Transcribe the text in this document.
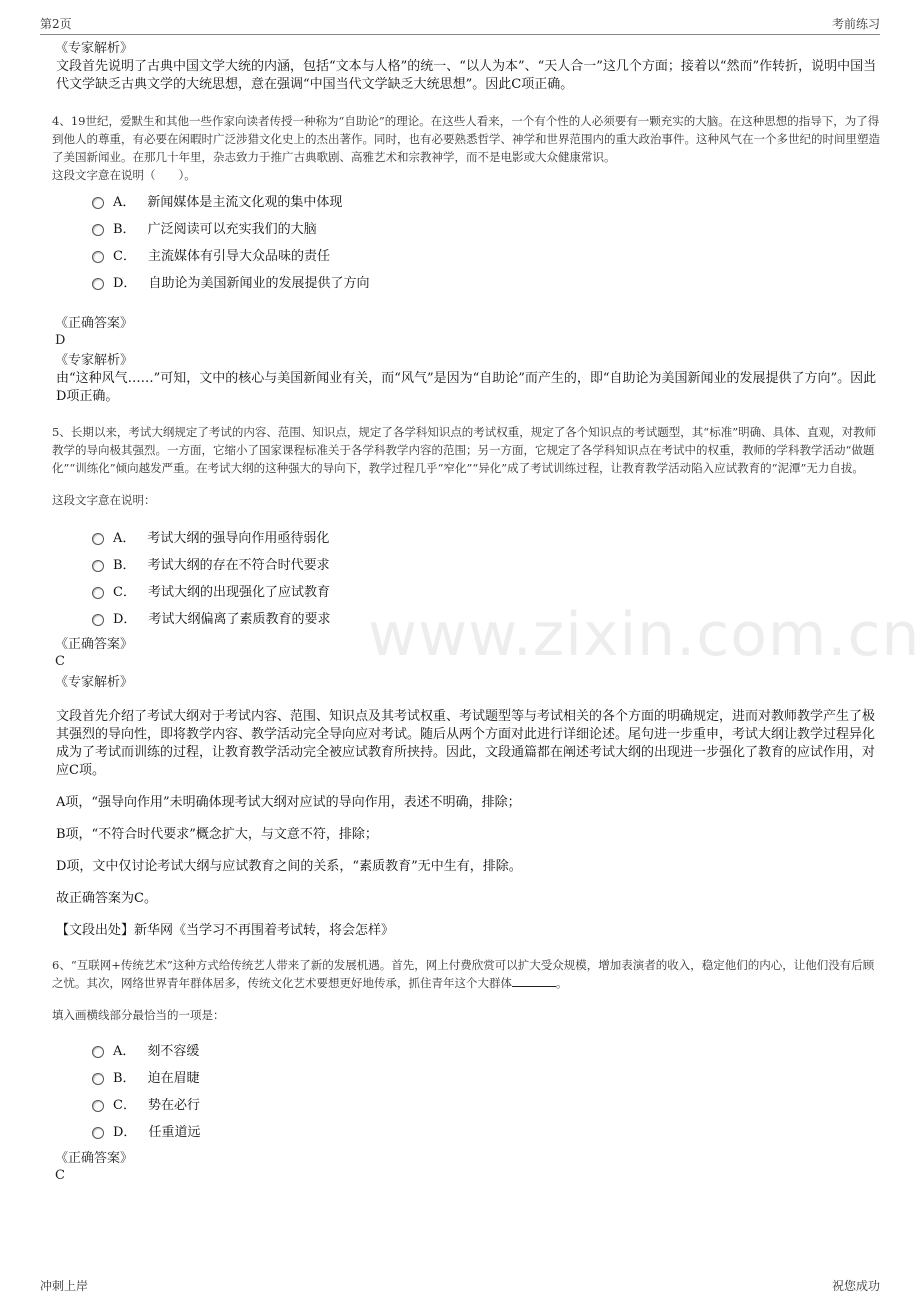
第2页	考前练习
www.zixin.com.cn

《专家解析》

文段首先说明了古典中国文学大统的内涵，包括“文本与人格”的统一、“以人为本”、“天人合一”这几个方面；接着以“然而”作转折，说明中国当代文学缺乏古典文学的大统思想，意在强调“中国当代文学缺乏大统思想”。因此C项正确。

4、19世纪，爱默生和其他一些作家向读者传授一种称为“自助论”的理论。在这些人看来，一个有个性的人必须要有一颗充实的大脑。在这种思想的指导下，为了得到他人的尊重，有必要在闲暇时广泛涉猎文化史上的杰出著作。同时，也有必要熟悉哲学、神学和世界范围内的重大政治事件。这种风气在一个多世纪的时间里塑造了美国新闻业。在那几十年里，杂志致力于推广古典歌剧、高雅艺术和宗教神学，而不是电影或大众健康常识。

这段文字意在说明（　　）。

A． 新闻媒体是主流文化观的集中体现
B． 广泛阅读可以充实我们的大脑
C． 主流媒体有引导大众品味的责任
D． 自助论为美国新闻业的发展提供了方向

《正确答案》

D

《专家解析》

由“这种风气……”可知，文中的核心与美国新闻业有关，而“风气”是因为“自助论”而产生的，即“自助论为美国新闻业的发展提供了方向”。因此D项正确。

5、长期以来，考试大纲规定了考试的内容、范围、知识点，规定了各学科知识点的考试权重，规定了各个知识点的考试题型，其“标准”明确、具体、直观，对教师教学的导向极其强烈。一方面，它缩小了国家课程标准关于各学科教学内容的范围；另一方面，它规定了各学科知识点在考试中的权重，教师的学科教学活动“做题化”“训练化”倾向越发严重。在考试大纲的这种强大的导向下，教学过程几乎“窄化”“异化”成了考试训练过程，让教育教学活动陷入应试教育的“泥潭”无力自拔。

这段文字意在说明：

A． 考试大纲的强导向作用亟待弱化
B． 考试大纲的存在不符合时代要求
C． 考试大纲的出现强化了应试教育
D． 考试大纲偏离了素质教育的要求

《正确答案》

C

《专家解析》

文段首先介绍了考试大纲对于考试内容、范围、知识点及其考试权重、考试题型等与考试相关的各个方面的明确规定，进而对教师教学产生了极其强烈的导向性，即将教学内容、教学活动完全导向应对考试。随后从两个方面对此进行详细论述。尾句进一步重申，考试大纲让教学过程异化成为了考试而训练的过程，让教育教学活动完全被应试教育所挟持。因此，文段通篇都在阐述考试大纲的出现进一步强化了教育的应试作用，对应C项。

A项，“强导向作用”未明确体现考试大纲对应试的导向作用，表述不明确，排除；

B项，“不符合时代要求”概念扩大，与文意不符，排除；

D项，文中仅讨论考试大纲与应试教育之间的关系，“素质教育”无中生有，排除。

故正确答案为C。

【文段出处】新华网《当学习不再围着考试转，将会怎样》

6、“互联网+传统艺术”这种方式给传统艺人带来了新的发展机遇。首先，网上付费欣赏可以扩大受众规模，增加表演者的收入，稳定他们的内心，让他们没有后顾之忧。其次，网络世界青年群体居多，传统文化艺术要想更好地传承，抓住青年这个大群体	。

填入画横线部分最恰当的一项是：

A． 刻不容缓
B． 迫在眉睫
C． 势在必行
D． 任重道远

《正确答案》

C

冲刺上岸	祝您成功
